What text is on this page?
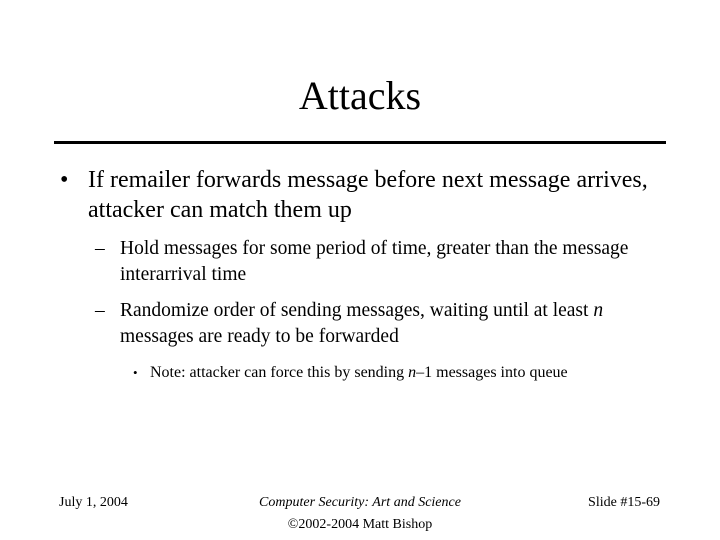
Attacks
• If remailer forwards message before next message arrives, attacker can match them up
– Hold messages for some period of time, greater than the message interarrival time
– Randomize order of sending messages, waiting until at least n messages are ready to be forwarded
• Note: attacker can force this by sending n–1 messages into queue
July 1, 2004	Computer Security: Art and Science
©2002-2004 Matt Bishop
Slide #15-69
